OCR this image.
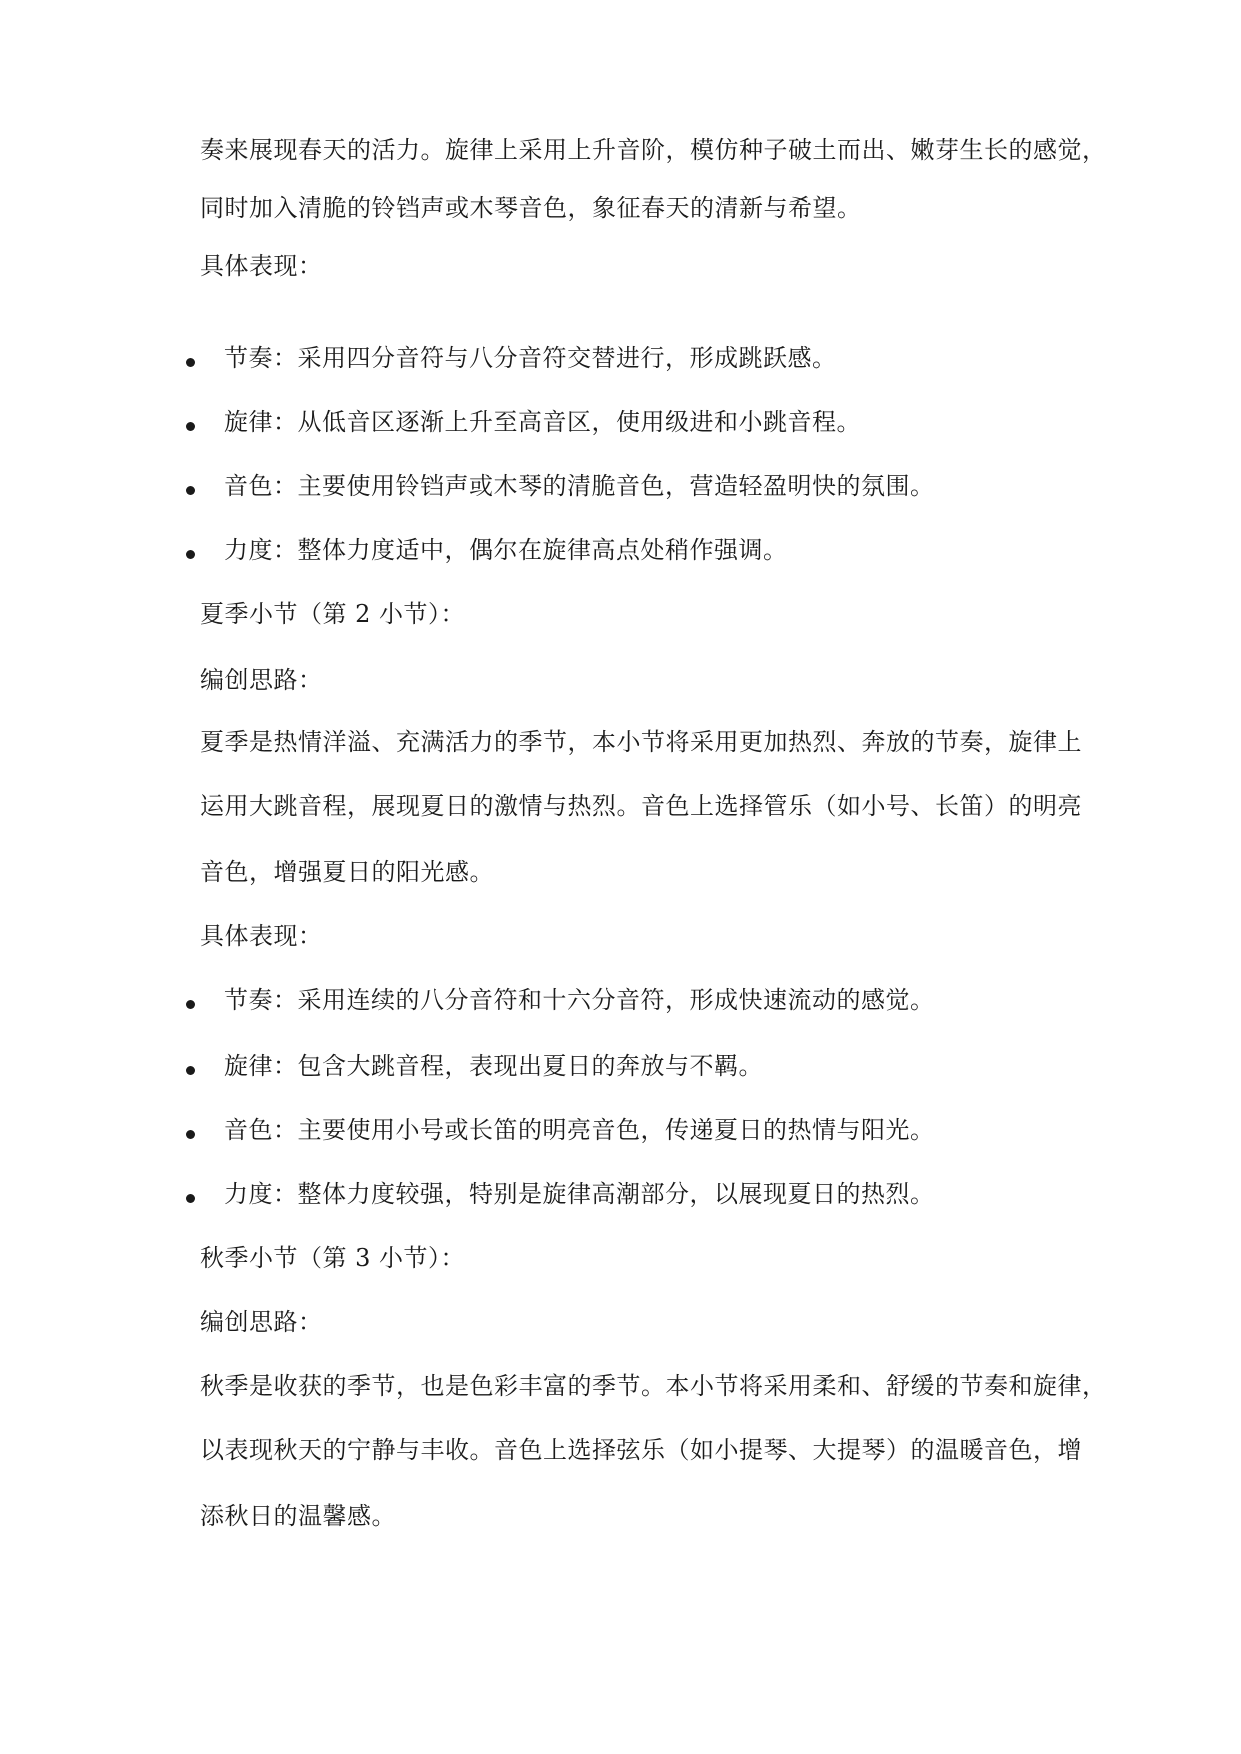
奏来展现春天的活力。旋律上采用上升音阶，模仿种子破土而出、嫩芽生长的感觉，
同时加入清脆的铃铛声或木琴音色，象征春天的清新与希望。
具体表现：
节奏：采用四分音符与八分音符交替进行，形成跳跃感。
旋律：从低音区逐渐上升至高音区，使用级进和小跳音程。
音色：主要使用铃铛声或木琴的清脆音色，营造轻盈明快的氛围。
力度：整体力度适中，偶尔在旋律高点处稍作强调。
夏季小节（第 2 小节）：
编创思路：
夏季是热情洋溢、充满活力的季节，本小节将采用更加热烈、奔放的节奏，旋律上
运用大跳音程，展现夏日的激情与热烈。音色上选择管乐（如小号、长笛）的明亮
音色，增强夏日的阳光感。
具体表现：
节奏：采用连续的八分音符和十六分音符，形成快速流动的感觉。
旋律：包含大跳音程，表现出夏日的奔放与不羁。
音色：主要使用小号或长笛的明亮音色，传递夏日的热情与阳光。
力度：整体力度较强，特别是旋律高潮部分，以展现夏日的热烈。
秋季小节（第 3 小节）：
编创思路：
秋季是收获的季节，也是色彩丰富的季节。本小节将采用柔和、舒缓的节奏和旋律，
以表现秋天的宁静与丰收。音色上选择弦乐（如小提琴、大提琴）的温暖音色，增
添秋日的温馨感。
